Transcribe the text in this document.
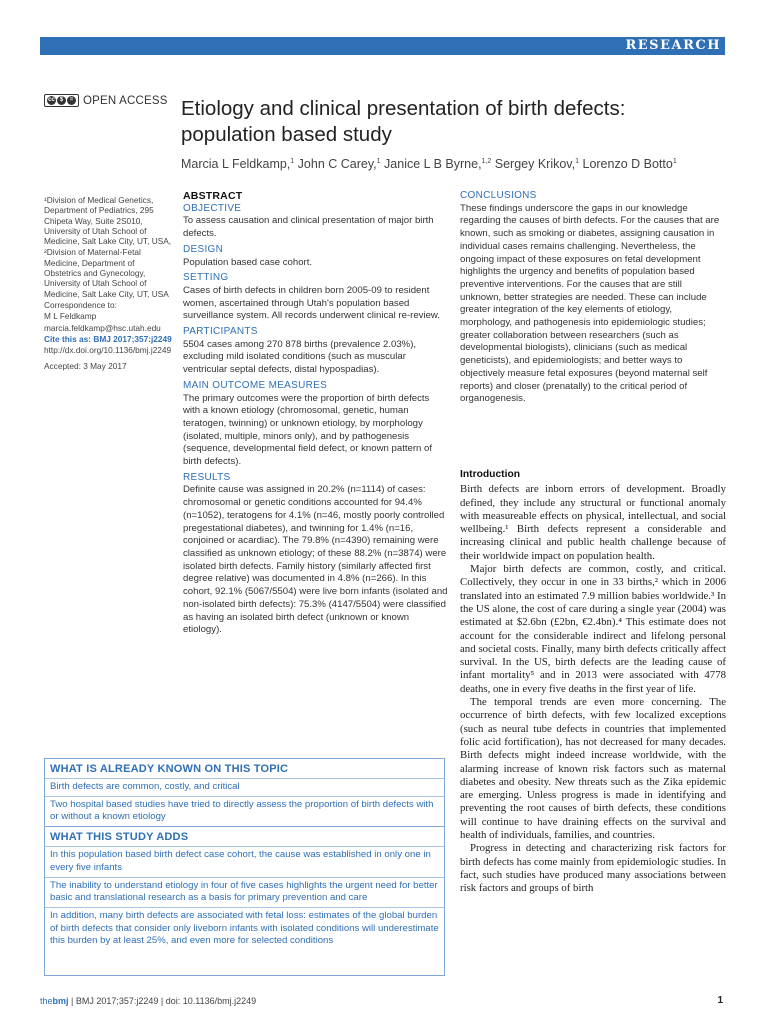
RESEARCH
cc $	= OPEN ACCESS Etiology and clinical presentation of birth defects: population based study
Marcia L Feldkamp,$^1$ John C Carey,$^1$ Janice L B Byrne,$^{1,2}$ Sergey Krikov,$^1$ Lorenzo D Botto$^1$

¹Division of Medical Genetics, Department of Pediatrics, 295 Chipeta Way, Suite 2S010, University of Utah School of Medicine, Salt Lake City, UT, USA,

²Division of Maternal-Fetal Medicine, Department of Obstetrics and Gynecology, University of Utah School of Medicine, Salt Lake City, UT, USA

Correspondence to:

M L Feldkamp

marcia.feldkamp@hsc.utah.edu

Cite this as: BMJ 2017;357:j2249

http://dx.doi.org/10.1136/bmj.j2249

Accepted: 3 May 2017

ABSTRACT
OBJECTIVE

To assess causation and clinical presentation of major birth defects.

DESIGN

Population based case cohort.

SETTING

Cases of birth defects in children born 2005-09 to resident women, ascertained through Utah's population based surveillance system. All records underwent clinical re-review.

PARTICIPANTS

5504 cases among 270 878 births (prevalence 2.03%), excluding mild isolated conditions (such as muscular ventricular septal defects, distal hypospadias).

MAIN OUTCOME MEASURES

The primary outcomes were the proportion of birth defects with a known etiology (chromosomal, genetic, human teratogen, twinning) or unknown etiology, by morphology (isolated, multiple, minors only), and by pathogenesis (sequence, developmental field defect, or known pattern of birth defects).

RESULTS

Definite cause was assigned in 20.2% (n=1114) of cases: chromosomal or genetic conditions accounted for 94.4% (n=1052), teratogens for 4.1% (n=46, mostly poorly controlled pregestational diabetes), and twinning for 1.4% (n=16, conjoined or acardiac). The 79.8% (n=4390) remaining were classified as unknown etiology; of these 88.2% (n=3874) were isolated birth defects. Family history (similarly affected first degree relative) was documented in 4.8% (n=266). In this cohort, 92.1% (5067/5504) were live born infants (isolated and non-isolated birth defects): 75.3% (4147/5504) were classified as having an isolated birth defect (unknown or known etiology).

CONCLUSIONS

These findings underscore the gaps in our knowledge regarding the causes of birth defects. For the causes that are known, such as smoking or diabetes, assigning causation in individual cases remains challenging. Nevertheless, the ongoing impact of these exposures on fetal development highlights the urgency and benefits of population based preventive interventions. For the causes that are still unknown, better strategies are needed. These can include greater integration of the key elements of etiology, morphology, and pathogenesis into epidemiologic studies; greater collaboration between researchers (such as developmental biologists), clinicians (such as medical geneticists), and epidemiologists; and better ways to objectively measure fetal exposures (beyond maternal self reports) and closer (prenatally) to the critical period of organogenesis.

Introduction

Birth defects are inborn errors of development. Broadly defined, they include any structural or functional anomaly with measureable effects on physical, intellectual, and social wellbeing.¹ Birth defects represent a considerable and increasing clinical and public health challenge because of their worldwide impact on population health.

Major birth defects are common, costly, and critical. Collectively, they occur in one in 33 births,² which in 2006 translated into an estimated 7.9 million babies worldwide.³ In the US alone, the cost of care during a single year (2004) was estimated at $2.6bn (£2bn, €2.4bn).⁴ This estimate does not account for the considerable indirect and lifelong personal and societal costs. Finally, many birth defects critically affect survival. In the US, birth defects are the leading cause of infant mortality⁵ and in 2013 were associated with 4778 deaths, one in every five deaths in the first year of life.

The temporal trends are even more concerning. The occurrence of birth defects, with few localized exceptions (such as neural tube defects in countries that implemented folic acid fortification), has not decreased for many decades. Birth defects might indeed increase worldwide, with the alarming increase of known risk factors such as maternal diabetes and obesity. New threats such as the Zika epidemic are emerging. Unless progress is made in identifying and preventing the root causes of birth defects, these conditions will continue to have draining effects on the survival and health of individuals, families, and countries.

Progress in detecting and characterizing risk factors for birth defects has come mainly from epidemiologic studies. In fact, such studies have produced many associations between risk factors and groups of birth

WHAT IS ALREADY KNOWN ON THIS TOPIC
Birth defects are common, costly, and critical
Two hospital based studies have tried to directly assess the proportion of birth defects with or without a known etiology
WHAT THIS STUDY ADDS
In this population based birth defect case cohort, the cause was established in only one in every five infants
The inability to understand etiology in four of five cases highlights the urgent need for better basic and translational research as a basis for primary prevention and care
In addition, many birth defects are associated with fetal loss: estimates of the global burden of birth defects that consider only liveborn infants with isolated conditions will underestimate this burden by at least 25%, and even more for selected conditions
thebmj | BMJ 2017;357:j2249 | doi: 10.1136/bmj.j2249	1
